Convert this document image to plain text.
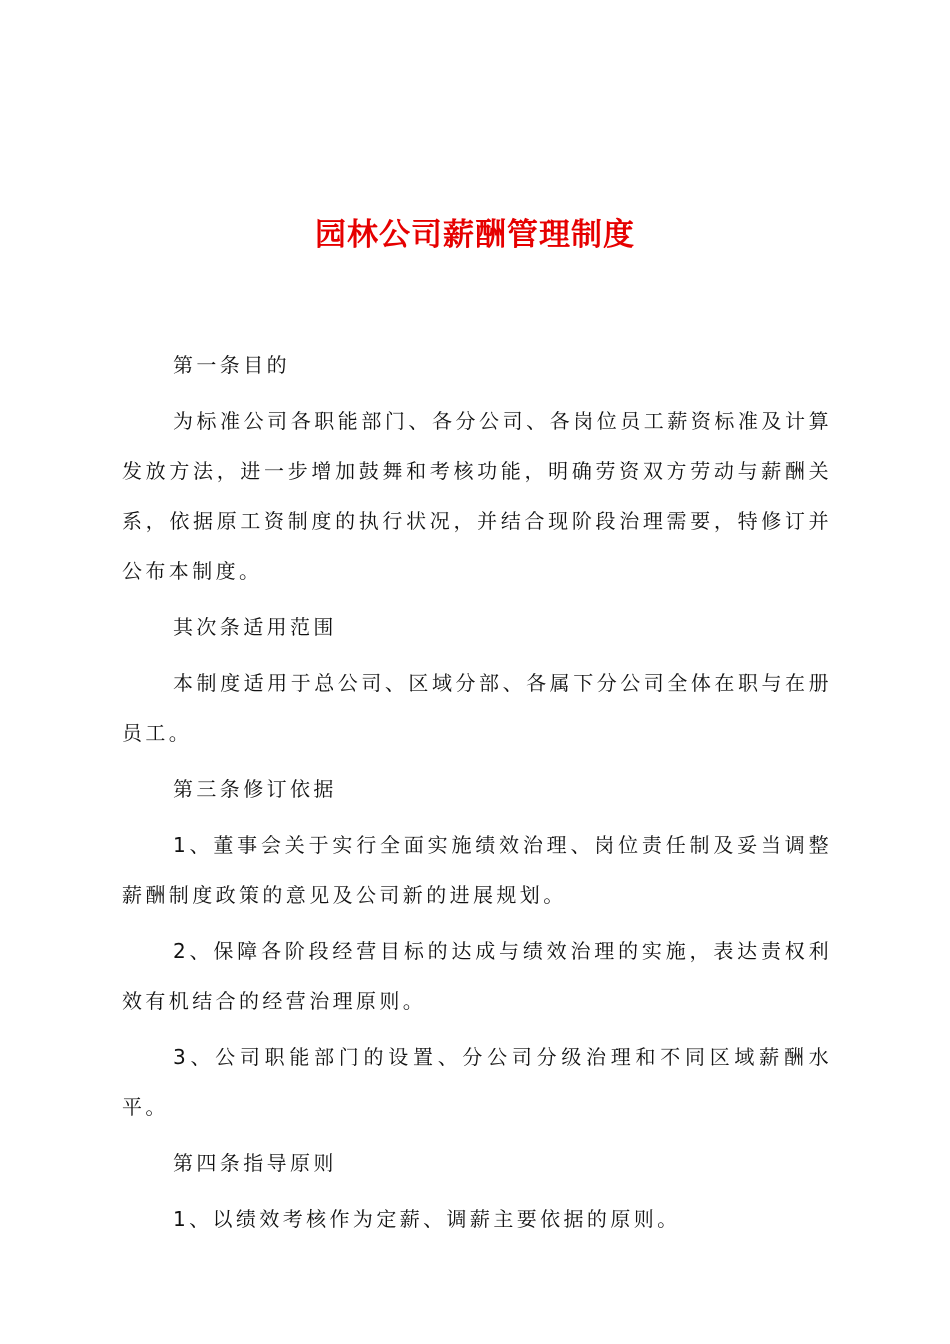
园林公司薪酬管理制度

第一条目的

为标准公司各职能部门、各分公司、各岗位员工薪资标准及计算发放方法，进一步增加鼓舞和考核功能，明确劳资双方劳动与薪酬关系，依据原工资制度的执行状况，并结合现阶段治理需要，特修订并公布本制度。

其次条适用范围

本制度适用于总公司、区域分部、各属下分公司全体在职与在册员工。

第三条修订依据

1、董事会关于实行全面实施绩效治理、岗位责任制及妥当调整薪酬制度政策的意见及公司新的进展规划。

2、保障各阶段经营目标的达成与绩效治理的实施，表达责权利效有机结合的经营治理原则。

3、公司职能部门的设置、分公司分级治理和不同区域薪酬水平。

第四条指导原则

1、以绩效考核作为定薪、调薪主要依据的原则。
